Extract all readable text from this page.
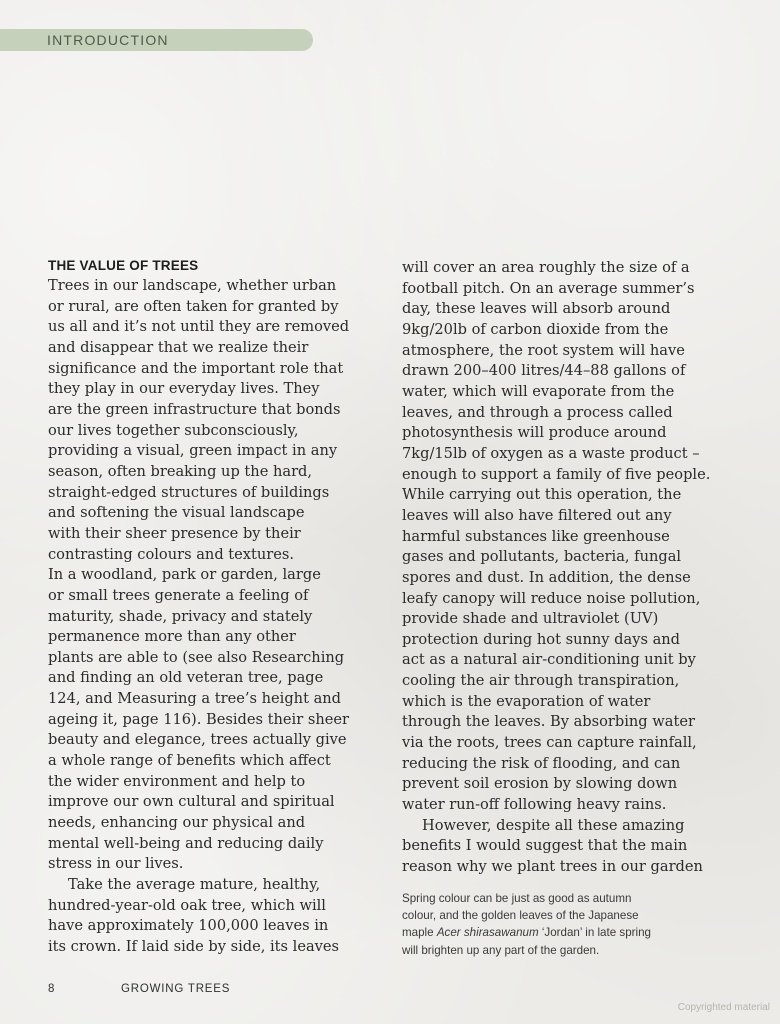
INTRODUCTION
THE VALUE OF TREES
Trees in our landscape, whether urban
or rural, are often taken for granted by
us all and it’s not until they are removed
and disappear that we realize their
significance and the important role that
they play in our everyday lives. They
are the green infrastructure that bonds
our lives together subconsciously,
providing a visual, green impact in any
season, often breaking up the hard,
straight-edged structures of buildings
and softening the visual landscape
with their sheer presence by their
contrasting colours and textures.
In a woodland, park or garden, large
or small trees generate a feeling of
maturity, shade, privacy and stately
permanence more than any other
plants are able to (see also Researching
and finding an old veteran tree, page
124, and Measuring a tree’s height and
ageing it, page 116). Besides their sheer
beauty and elegance, trees actually give
a whole range of benefits which affect
the wider environment and help to
improve our own cultural and spiritual
needs, enhancing our physical and
mental well-being and reducing daily
stress in our lives.
Take the average mature, healthy,
hundred-year-old oak tree, which will
have approximately 100,000 leaves in
its crown. If laid side by side, its leaves
will cover an area roughly the size of a
football pitch. On an average summer’s
day, these leaves will absorb around
9kg/20lb of carbon dioxide from the
atmosphere, the root system will have
drawn 200–400 litres/44–88 gallons of
water, which will evaporate from the
leaves, and through a process called
photosynthesis will produce around
7kg/15lb of oxygen as a waste product –
enough to support a family of five people.
While carrying out this operation, the
leaves will also have filtered out any
harmful substances like greenhouse
gases and pollutants, bacteria, fungal
spores and dust. In addition, the dense
leafy canopy will reduce noise pollution,
provide shade and ultraviolet (UV)
protection during hot sunny days and
act as a natural air-conditioning unit by
cooling the air through transpiration,
which is the evaporation of water
through the leaves. By absorbing water
via the roots, trees can capture rainfall,
reducing the risk of flooding, and can
prevent soil erosion by slowing down
water run-off following heavy rains.
However, despite all these amazing
benefits I would suggest that the main
reason why we plant trees in our garden
Spring colour can be just as good as autumn
colour, and the golden leaves of the Japanese
maple Acer shirasawanum ‘Jordan’ in late spring
will brighten up any part of the garden.
8	GROWING TREES
Copyrighted material
